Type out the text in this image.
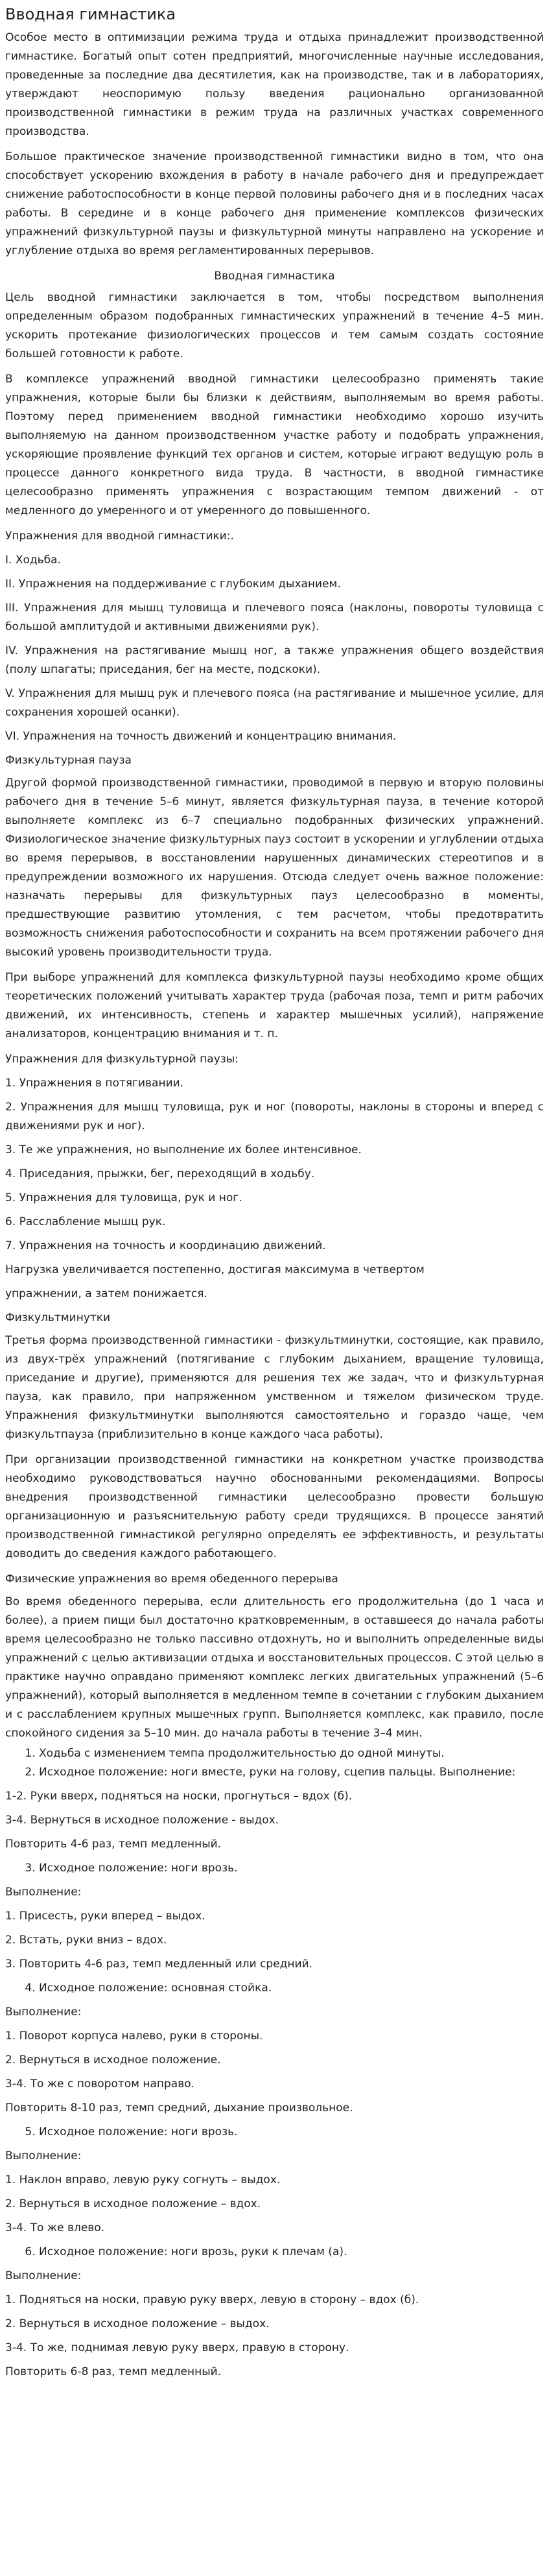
Вводная гимнастика

Особое место в оптимизации режима труда и отдыха принадлежит производственной гимнастике. Богатый опыт сотен предприятий, многочисленные научные исследования, проведенные за последние два десятилетия, как на производстве, так и в лабораториях, утверждают неоспоримую пользу введения рационально организованной производственной гимнастики в режим труда на различных участках современного производства.

Большое практическое значение производственной гимнастики видно в том, что она способствует ускорению вхождения в работу в начале рабочего дня и предупреждает снижение работоспособности в конце первой половины рабочего дня и в последних часах работы. В середине и в конце рабочего дня применение комплексов физических упражнений физкультурной паузы и физкультурной минуты направлено на ускорение и углубление отдыха во время регламентированных перерывов.

Вводная гимнастика

Цель вводной гимнастики заключается в том, чтобы посредством выполнения определенным образом подобранных гимнастических упражнений в течение 4–5 мин. ускорить протекание физиологических процессов и тем самым создать состояние большей готовности к работе.

В комплексе упражнений вводной гимнастики целесообразно применять такие упражнения, которые были бы близки к действиям, выполняемым во время работы. Поэтому перед применением вводной гимнастики необходимо хорошо изучить выполняемую на данном производственном участке работу и подобрать упражнения, ускоряющие проявление функций тех органов и систем, которые играют ведущую роль в процессе данного конкретного вида труда. В частности, в вводной гимнастике целесообразно применять упражнения с возрастающим темпом движений - от медленного до умеренного и от умеренного до повышенного.

Упражнения для вводной гимнастики:.
I. Ходьба.
II. Упражнения на поддерживание с глубоким дыханием.
III. Упражнения для мышц туловища и плечевого пояса (наклоны, повороты туловища с большой амплитудой и активными движениями рук).
IV. Упражнения на растягивание мышц ног, а также упражнения общего воздействия (полу шпагаты; приседания, бег на месте, подскоки).
V. Упражнения для мышц рук и плечевого пояса (на растягивание и мышечное усилие, для сохранения хорошей осанки).
VI. Упражнения на точность движений и концентрацию внимания.
Физкультурная пауза

Другой формой производственной гимнастики, проводимой в первую и вторую половины рабочего дня в течение 5–6 минут, является физкультурная пауза, в течение которой выполняете комплекс из 6–7 специально подобранных физических упражнений. Физиологическое значение физкультурных пауз состоит в ускорении и углублении отдыха во время перерывов, в восстановлении нарушенных динамических стереотипов и в предупреждении возможного их нарушения. Отсюда следует очень важное положение: назначать перерывы для физкультурных пауз целесообразно в моменты, предшествующие развитию утомления, с тем расчетом, чтобы предотвратить возможность снижения работоспособности и сохранить на всем протяжении рабочего дня высокий уровень производительности труда.

При выборе упражнений для комплекса физкультурной паузы необходимо кроме общих теоретических положений учитывать характер труда (рабочая поза, темп и ритм рабочих движений, их интенсивность, степень и характер мышечных усилий), напряжение анализаторов, концентрацию внимания и т. п.

Упражнения для физкультурной паузы:
1. Упражнения в потягивании.
2. Упражнения для мышц туловища, рук и ног (повороты, наклоны в стороны и вперед с движениями рук и ног).
3. Те же упражнения, но выполнение их более интенсивное.
4. Приседания, прыжки, бег, переходящий в ходьбу.
5. Упражнения для туловища, рук и ног.
6. Расслабление мышц рук.
7. Упражнения на точность и координацию движений.
Нагрузка увеличивается постепенно, достигая максимума в четвертом
упражнении, а затем понижается.
Физкультминутки

Третья форма производственной гимнастики - физкультминутки, состоящие, как правило, из двух-трёх упражнений (потягивание с глубоким дыханием, вращение туловища, приседание и другие), применяются для решения тех же задач, что и физкультурная пауза, как правило, при напряженном умственном и тяжелом физическом труде. Упражнения физкультминутки выполняются самостоятельно и гораздо чаще, чем физкультпауза (приблизительно в конце каждого часа работы).

При организации производственной гимнастики на конкретном участке производства необходимо руководствоваться научно обоснованными рекомендациями. Вопросы внедрения производственной гимнастики целесообразно провести большую организационную и разъяснительную работу среди трудящихся. В процессе занятий производственной гимнастикой регулярно определять ее эффективность, и результаты доводить до сведения каждого работающего.

Физические упражнения во время обеденного перерыва

Во время обеденного перерыва, если длительность его продолжительна (до 1 часа и более), а прием пищи был достаточно кратковременным, в оставшееся до начала работы время целесообразно не только пассивно отдохнуть, но и выполнить определенные виды упражнений с целью активизации отдыха и восстановительных процессов. С этой целью в практике научно оправдано применяют комплекс легких двигательных упражнений (5–6 упражнений), который выполняется в медленном темпе в сочетании с глубоким дыханием и с расслаблением крупных мышечных групп. Выполняется комплекс, как правило, после спокойного сидения за 5–10 мин. до начала работы в течение 3–4 мин.

1. Ходьба с изменением темпа продолжительностью до одной минуты.
2. Исходное положение: ноги вместе, руки на голову, сцепив пальцы. Выполнение:
1-2. Руки вверх, подняться на носки, прогнуться – вдох (б).
3-4. Вернуться в исходное положение - выдох.
Повторить 4-6 раз, темп медленный.
3. Исходное положение: ноги врозь.
Выполнение:
1. Присесть, руки вперед – выдох.
2. Встать, руки вниз – вдох.
3. Повторить 4-6 раз, темп медленный или средний.
4. Исходное положение: основная стойка.
Выполнение:
1. Поворот корпуса налево, руки в стороны.
2. Вернуться в исходное положение.
3-4. То же с поворотом направо.
Повторить 8-10 раз, темп средний, дыхание произвольное.
5. Исходное положение: ноги врозь.
Выполнение:
1. Наклон вправо, левую руку согнуть – выдох.
2. Вернуться в исходное положение – вдох.
3-4. То же влево.
6. Исходное положение: ноги врозь, руки к плечам (а).
Выполнение:
1. Подняться на носки, правую руку вверх, левую в сторону – вдох (б).
2. Вернуться в исходное положение – выдох.
3-4. То же, поднимая левую руку вверх, правую в сторону.
Повторить 6-8 раз, темп медленный.
